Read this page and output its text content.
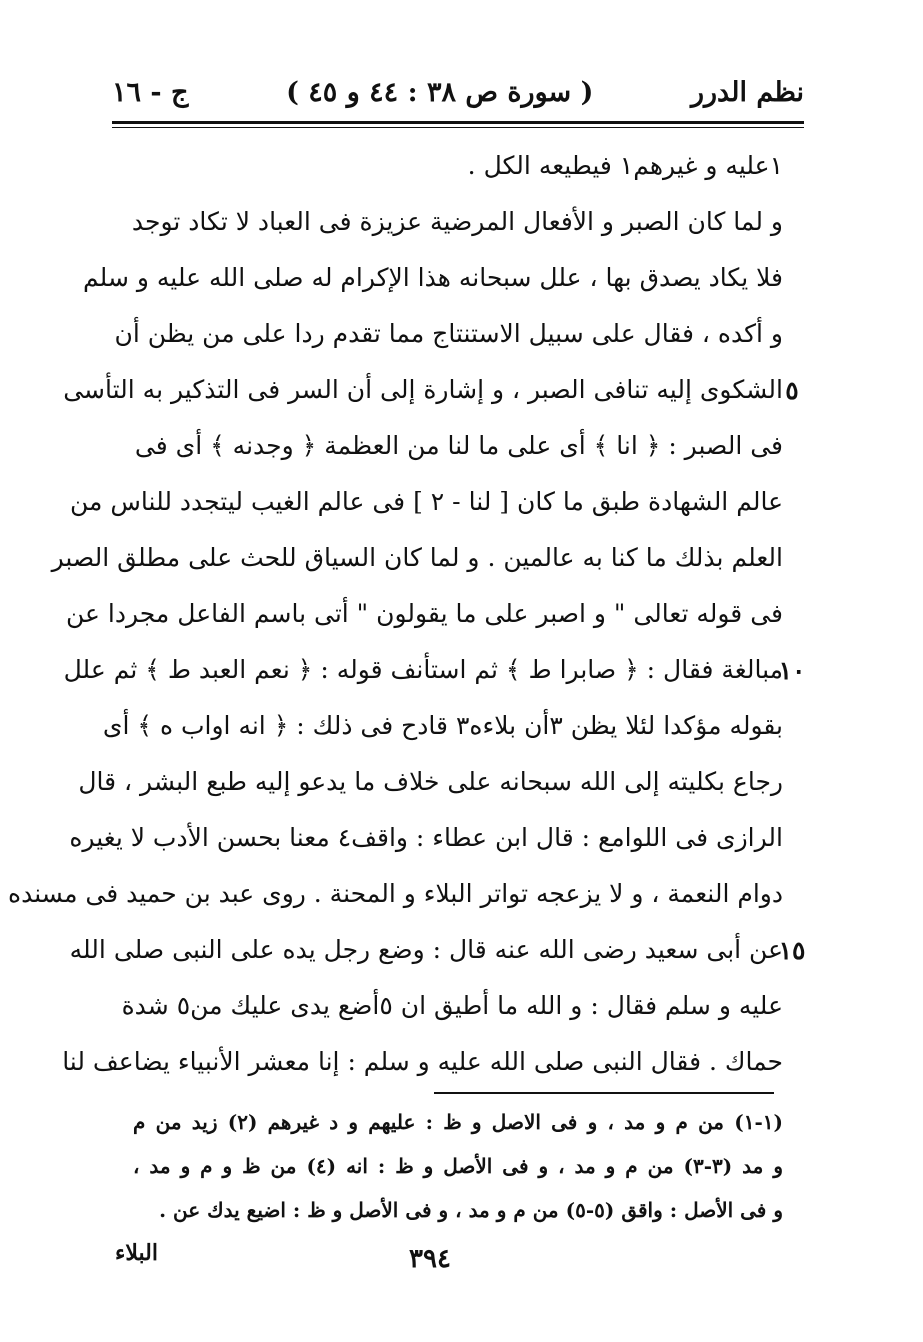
نظم الدرر
( سورة ص ٣٨ : ٤٤ و ٤٥ )
ج - ١٦
١عليه و غيرهم١ فيطيعه الكل .
و لما كان الصبر و الأفعال المرضية عزيزة فى العباد لا تكاد توجد
فلا يكاد يصدق بها ، علل سبحانه هذا الإكرام له صلى الله عليه و سلم
و أكده ، فقال على سبيل الاستنتاج مما تقدم ردا على من يظن أن
الشكوى إليه تنافى الصبر ، و إشارة إلى أن السر فى التذكير به التأسى
فى الصبر : ﴿ انا ﴾ أى على ما لنا من العظمة ﴿ وجدنه ﴾ أى فى
عالم الشهادة طبق ما كان [ لنا - ٢ ] فى عالم الغيب ليتجدد للناس من
العلم بذلك ما كنا به عالمين . و لما كان السياق للحث على مطلق الصبر
فى قوله تعالى " و اصبر على ما يقولون " أتى باسم الفاعل مجردا عن
مبالغة فقال : ﴿ صابرا ط ﴾ ثم استأنف قوله : ﴿ نعم العبد ط ﴾ ثم علل
بقوله مؤكدا لئلا يظن ٣أن بلاءه٣ قادح فى ذلك : ﴿ انه اواب ه ﴾ أى
رجاع بكليته إلى الله سبحانه على خلاف ما يدعو إليه طبع البشر ، قال
الرازى فى اللوامع : قال ابن عطاء : واقف٤ معنا بحسن الأدب لا يغيره
دوام النعمة ، و لا يزعجه تواتر البلاء و المحنة . روى عبد بن حميد فى مسنده
عن أبى سعيد رضى الله عنه قال : وضع رجل يده على النبى صلى الله
عليه و سلم فقال : و الله ما أطيق ان ٥أضع يدى عليك من٥ شدة
حماك . فقال النبى صلى الله عليه و سلم : إنا معشر الأنبياء يضاعف لنا
٥
١٠
١٥
(١-١) من م و مد ، و فى الاصل و ظ : عليهم و د غيرهم (٢) زيد من م
و مد (٣-٣) من م و مد ، و فى الأصل و ظ : انه (٤) من ظ و م و مد ،
و فى الأصل : واقق (٥-٥) من م و مد ، و فى الأصل و ظ : اضيع يدك عن .
البلاء	٣٩٤
